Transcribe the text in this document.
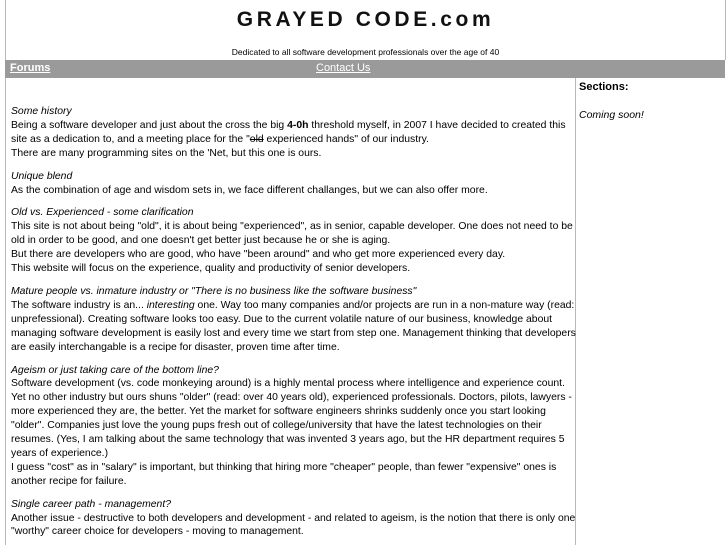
GRAYED CODE.com
Dedicated to all software development professionals over the age of 40
Forums	Contact Us
Some history
Being a software developer and just about the cross the big 4-0h threshold myself, in 2007 I have decided to created this site as a dedication to, and a meeting place for the "old experienced hands" of our industry.
There are many programming sites on the 'Net, but this one is ours.
Unique blend
As the combination of age and wisdom sets in, we face different challanges, but we can also offer more.
Old vs. Experienced - some clarification
This site is not about being "old", it is about being "experienced", as in senior, capable developer. One does not need to be old in order to be good, and one doesn't get better just because he or she is aging.
But there are developers who are good, who have "been around" and who get more experienced every day.
This website will focus on the experience, quality and productivity of senior developers.
Mature people vs. inmature industry or "There is no business like the software business"
The software industry is an... interesting one. Way too many companies and/or projects are run in a non-mature way (read: unprefessional). Creating software looks too easy. Due to the current volatile nature of our business, knowledge about managing software development is easily lost and every time we start from step one. Management thinking that developers are easily interchangable is a recipe for disaster, proven time after time.
Ageism or just taking care of the bottom line?
Software development (vs. code monkeying around) is a highly mental process where intelligence and experience count. Yet no other industry but ours shuns "older" (read: over 40 years old), experienced professionals. Doctors, pilots, lawyers - more experienced they are, the better. Yet the market for software engineers shrinks suddenly once you start looking "older". Companies just love the young pups fresh out of college/university that have the latest technologies on their resumes. (Yes, I am talking about the same technology that was invented 3 years ago, but the HR department requires 5 years of experience.)
I guess "cost" as in "salary" is important, but thinking that hiring more "cheaper" people, than fewer "expensive" ones is another recipe for failure.
Single career path - management?
Another issue - destructive to both developers and development - and related to ageism, is the notion that there is only one "worthy" career choice for developers - moving to management.
Sections:
Coming soon!
